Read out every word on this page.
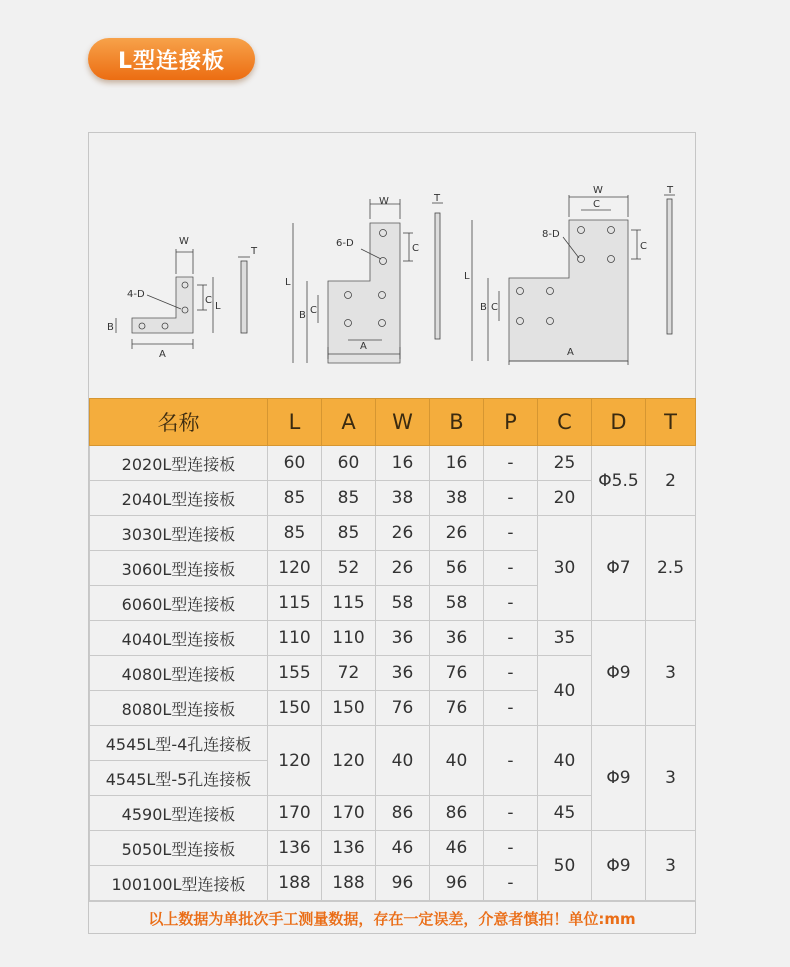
L型连接板
W
T
4-D
C
L
B
A
W	T
6-D	C
L
B C
A
W
C
T
8-D
C
L
B C
A
名称	L	A	W	B	P	C	D	T
2020L型连接板	60	60	16	16	-	25	Φ5.5	2
2040L型连接板	85	85	38	38	-	20		
3030L型连接板	85	85	26	26	-	30	Φ7	2.5
3060L型连接板	120	52	26	56	-			
6060L型连接板	115	115	58	58	-			
4040L型连接板	110	110	36	36	-	35	Φ9	3
4080L型连接板	155	72	36	76	-	40		
8080L型连接板	150	150	76	76	-			
4545L型-4孔连接板	120	120	40	40	-	40	Φ9	3
4545L型-5孔连接板								
4590L型连接板	170	170	86	86	-	45		
5050L型连接板	136	136	46	46	-	50	Φ9	3
100100L型连接板	188	188	96	96	-			
以上数据为单批次手工测量数据，存在一定误差，介意者慎拍！单位:mm
